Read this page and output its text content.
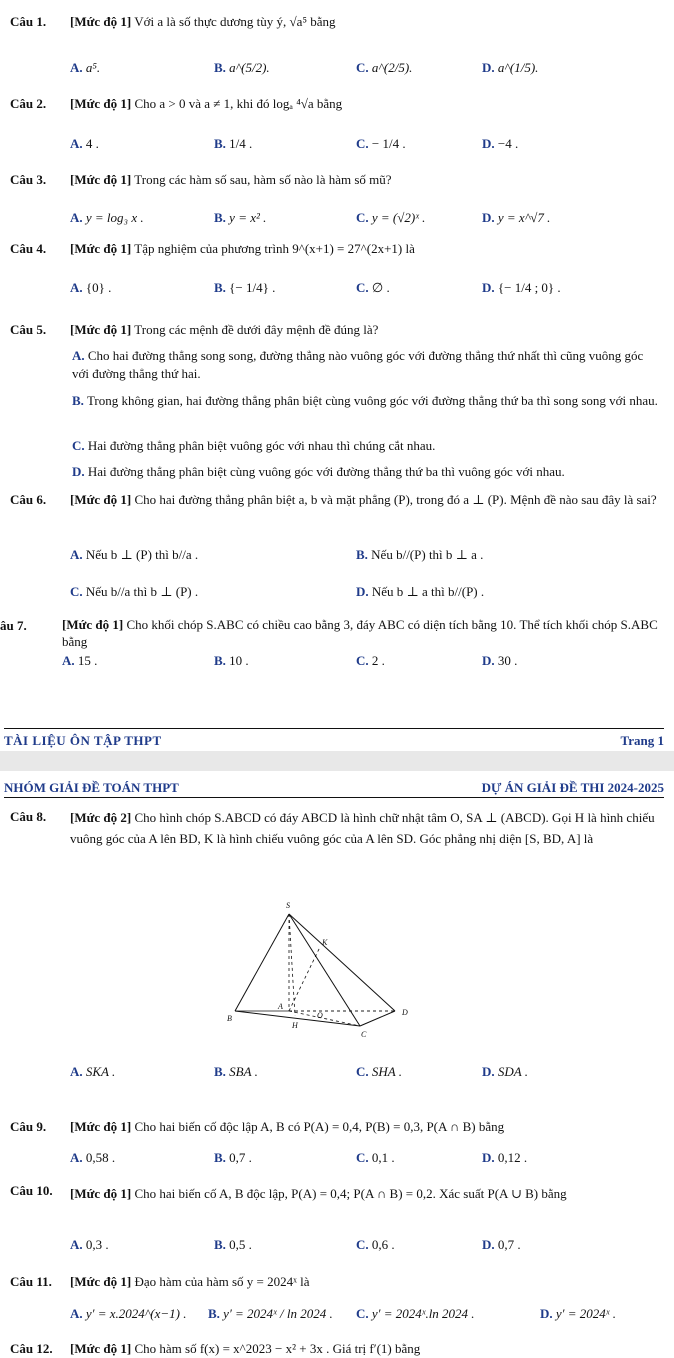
Câu 1. [Mức độ 1] Với a là số thực dương tùy ý, √a⁵ bằng
A. a⁵.	B. a^(5/2).	C. a^(2/5).	D. a^(1/5).
Câu 2. [Mức độ 1] Cho a > 0 và a ≠ 1, khi đó logₐ ⁴√a bằng
A. 4 .	B. 1/4 .	C. − 1/4 .	D. −4 .
Câu 3. [Mức độ 1] Trong các hàm số sau, hàm số nào là hàm số mũ?
A. y = log₃ x .	B. y = x² .	C. y = (√2)ˣ .	D. y = x^√7 .
Câu 4. [Mức độ 1] Tập nghiệm của phương trình 9^(x+1) = 27^(2x+1) là
A. {0} .	B. {− 1/4} .	C. ∅ .	D. {− 1/4 ; 0} .
Câu 5. [Mức độ 1] Trong các mệnh đề dưới đây mệnh đề đúng là?
A. Cho hai đường thẳng song song, đường thẳng nào vuông góc với đường thẳng thứ nhất thì cũng vuông góc với đường thẳng thứ hai.
B. Trong không gian, hai đường thẳng phân biệt cùng vuông góc với đường thẳng thứ ba thì song song với nhau.
C. Hai đường thẳng phân biệt vuông góc với nhau thì chúng cắt nhau.
D. Hai đường thẳng phân biệt cùng vuông góc với đường thẳng thứ ba thì vuông góc với nhau.
Câu 6. [Mức độ 1] Cho hai đường thẳng phân biệt a, b và mặt phẳng (P), trong đó a ⊥ (P). Mệnh đề nào sau đây là sai?
A. Nếu b ⊥ (P) thì b//a .	B. Nếu b//(P) thì b ⊥ a .
C. Nếu b//a thì b ⊥ (P) .	D. Nếu b ⊥ a thì b//(P) .
âu 7.	[Mức độ 1] Cho khối chóp S.ABC có chiều cao bằng 3, đáy ABC có diện tích bằng 10. Thể tích khối chóp S.ABC bằng
A. 15 .	B. 10 .	C. 2 .	D. 30 .
TÀI LIỆU ÔN TẬP THPT	Trang 1
NHÓM GIẢI ĐỀ TOÁN THPT	DỰ ÁN GIẢI ĐỀ THI 2024-2025
Câu 8. [Mức độ 2] Cho hình chóp S.ABCD có đáy ABCD là hình chữ nhật tâm O, SA ⊥ (ABCD). Gọi H là hình chiếu vuông góc của A lên BD, K là hình chiếu vuông góc của A lên SD. Góc phẳng nhị diện [S, BD, A] là
S
K
A
D
H
O
B
C
A. SKA .	B. SBA .	C. SHA .	D. SDA .
Câu 9. [Mức độ 1] Cho hai biến cố độc lập A, B có P(A) = 0,4, P(B) = 0,3, P(A ∩ B) bằng
A. 0,58 .	B. 0,7 .	C. 0,1 .	D. 0,12 .
Câu 10. [Mức độ 1] Cho hai biến cố A, B độc lập, P(A) = 0,4; P(A ∩ B) = 0,2. Xác suất P(A ∪ B) bằng
A. 0,3 .	B. 0,5 .	C. 0,6 .	D. 0,7 .
Câu 11. [Mức độ 1] Đạo hàm của hàm số y = 2024ˣ là
A. y′ = x.2024^(x−1) . B. y′ = 2024ˣ / ln 2024 . C. y′ = 2024ˣ.ln 2024 .	D. y′ = 2024ˣ .
Câu 12. [Mức độ 1] Cho hàm số f(x) = x^2023 − x² + 3x . Giá trị f′(1) bằng
